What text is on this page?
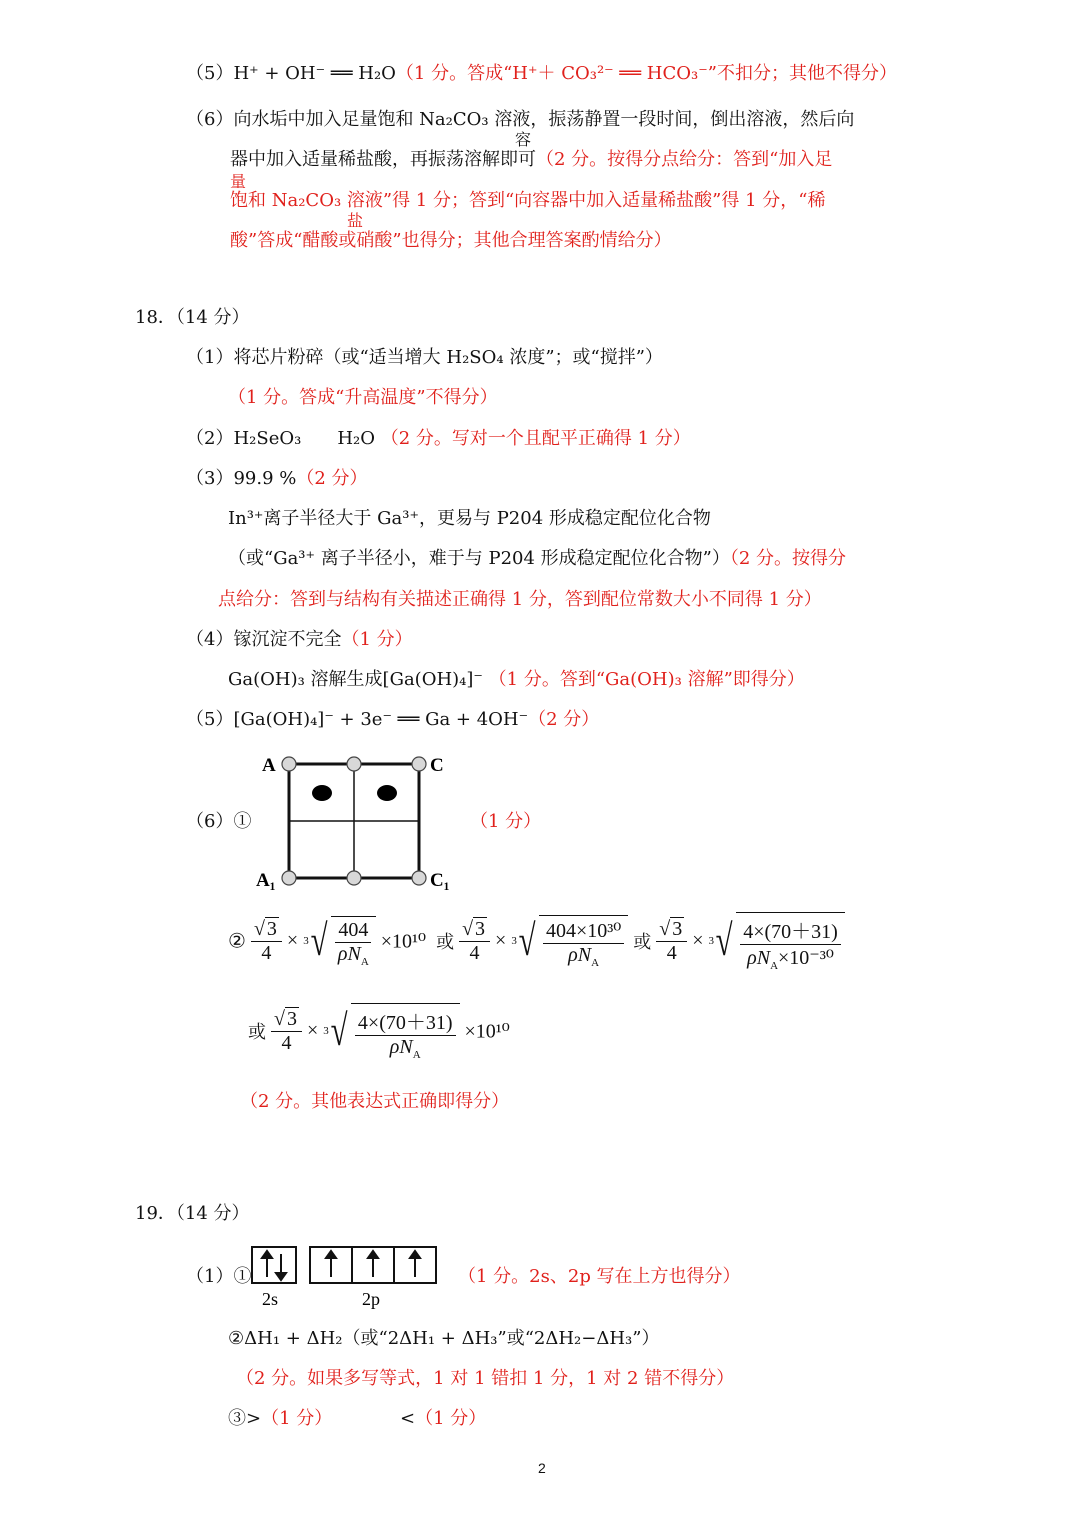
（5）H⁺ + OH⁻ ══ H₂O（1 分。答成“H⁺＋ CO₃²⁻ ══ HCO₃⁻”不扣分；其他不得分）
（6）向水垢中加入足量饱和 Na₂CO₃ 溶液，振荡静置一段时间，倒出溶液，然后向
容
器中加入适量稀盐酸，再振荡溶解即可（2 分。按得分点给分：答到“加入足
量
饱和 Na₂CO₃ 溶液”得 1 分；答到“向容器中加入适量稀盐酸”得 1 分，“稀
盐
酸”答成“醋酸或硝酸”也得分；其他合理答案酌情给分）
18．（14 分）
（1）将芯片粉碎（或“适当增大 H₂SO₄ 浓度”；或“搅拌”）
（1 分。答成“升高温度”不得分）
（2）H₂SeO₃　　H₂O （2 分。写对一个且配平正确得 1 分）
（3）99.9 %（2 分）
In³⁺离子半径大于 Ga³⁺，更易与 P204 形成稳定配位化合物
（或“Ga³⁺ 离子半径小，难于与 P204 形成稳定配位化合物”）（2 分。按得分
点给分：答到与结构有关描述正确得 1 分，答到配位常数大小不同得 1 分）
（4）镓沉淀不完全（1 分）
Ga(OH)₃ 溶解生成[Ga(OH)₄]⁻ （1 分。答到“Ga(OH)₃ 溶解”即得分）
（5）[Ga(OH)₄]⁻ + 3e⁻ ══ Ga + 4OH⁻（2 分）
（6）①
A	C
A₁	C₁
（1 分）
② $\frac{√ 3}{4} \times 3$ √ $\frac{404}{\rho N_A} \times 10^{10}$ 或 $\frac{√ 3}{4} \times 3$ √ $\frac{\text{404×10³⁰}}{\rho N_A}$ 或 $\frac{√ 3}{4} \times 3$ √ $\frac{4\times(70+31)}{\rho N_A\times 10^{-30}}$
或 $\frac{√ 3}{4} \times 3$ √ $\frac{4\times(70+31)}{\rho N_A} \times 10^{10}$
（2 分。其他表达式正确即得分）
19．（14 分）
（1）①
2s	2p
（1 分。2s、2p 写在上方也得分）
②ΔH₁ + ΔH₂（或“2ΔH₁ + ΔH₃”或“2ΔH₂−ΔH₃”）
（2 分。如果多写等式，1 对 1 错扣 1 分，1 对 2 错不得分）
③>（1 分）	<（1 分）
2
